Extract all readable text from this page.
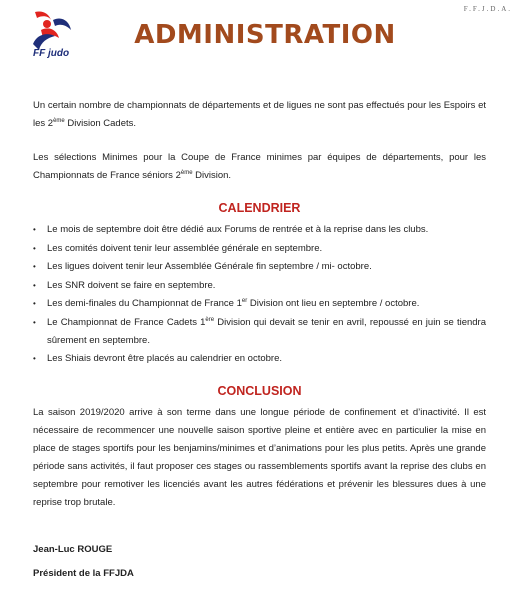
FF judo
F.F.J.D.A.
ADMINISTRATION

Un certain nombre de championnats de départements et de ligues ne sont pas effectués pour les Espoirs et les 2ème Division Cadets.

Les sélections Minimes pour la Coupe de France minimes par équipes de départements, pour les Championnats de France séniors 2ème Division.

CALENDRIER
• Le mois de septembre doit être dédié aux Forums de rentrée et à la reprise dans les clubs.
• Les comités doivent tenir leur assemblée générale en septembre.
• Les ligues doivent tenir leur Assemblée Générale fin septembre / mi- octobre.
• Les SNR doivent se faire en septembre.
• Les demi-finales du Championnat de France 1er Division ont lieu en septembre / octobre.
• Le Championnat de France Cadets 1ère Division qui devait se tenir en avril, repoussé en juin se tiendra sûrement en septembre.
• Les Shiais devront être placés au calendrier en octobre.
CONCLUSION

La saison 2019/2020 arrive à son terme dans une longue période de confinement et d’inactivité. Il est nécessaire de recommencer une nouvelle saison sportive pleine et entière avec en particulier la mise en place de stages sportifs pour les benjamins/minimes et d’animations pour les plus petits. Après une grande période sans activités, il faut proposer ces stages ou rassemblements sportifs avant la reprise des clubs en septembre pour remotiver les licenciés avant les autres fédérations et prévenir les blessures dues à une reprise trop brutale.

Jean-Luc ROUGE
Président de la FFJDA
